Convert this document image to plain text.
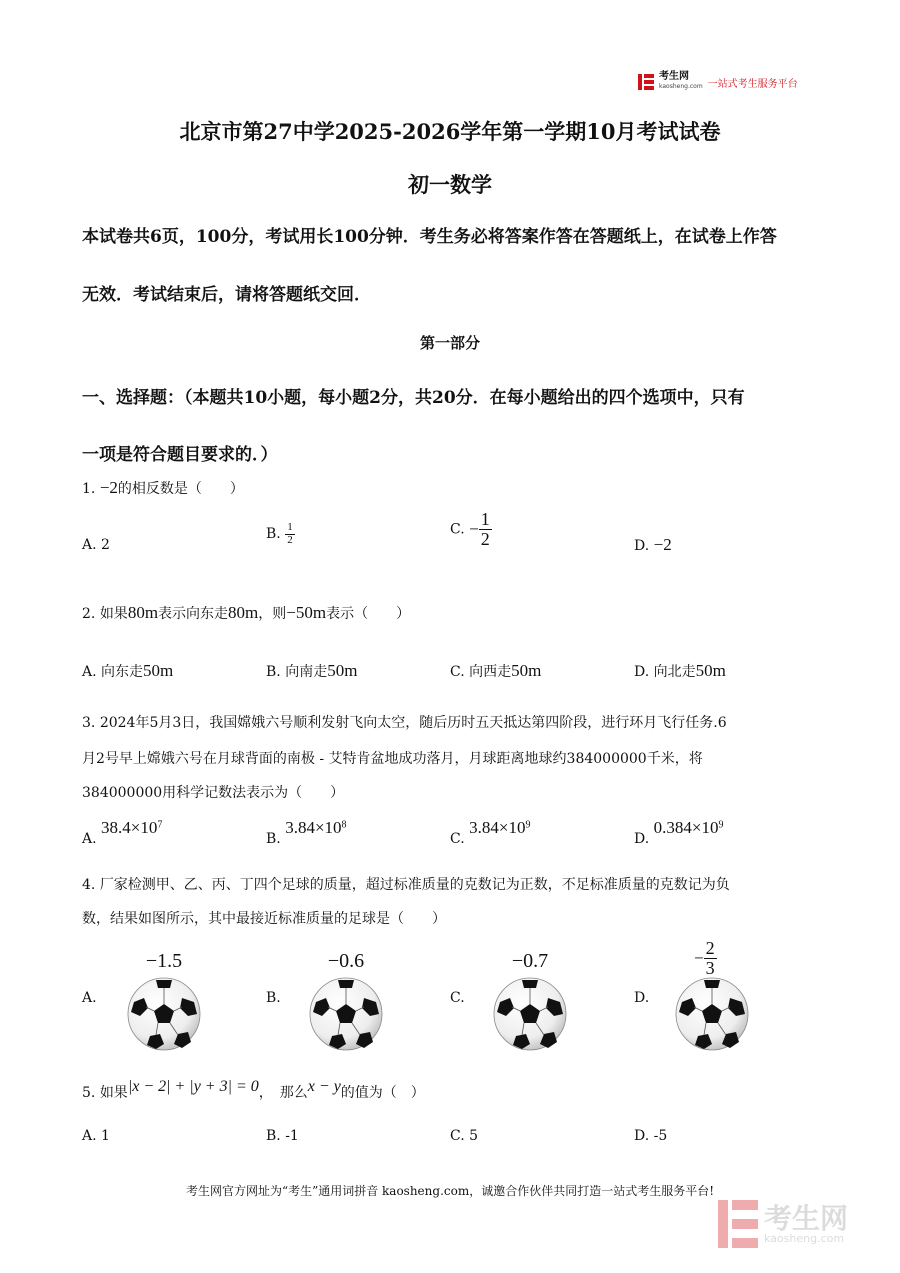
考生网
kaosheng.com 一站式考生服务平台
北京市第27中学2025-2026学年第一学期10月考试试卷
初一数学
本试卷共6页，100分，考试用长100分钟．考生务必将答案作答在答题纸上，在试卷上作答
无效．考试结束后，请将答题纸交回．
第一部分
一、选择题：（本题共10小题，每小题2分，共20分．在每小题给出的四个选项中，只有
一项是符合题目要求的．）
1. −2的相反数是（　　）
A. 2
B. $\frac{1}{2}$	C. − $\frac{1}{2}$	D. −2
2. 如果80m表示向东走80m，则−50m表示（　　）
A. 向东走50m	B. 向南走50m	C. 向西走50m	D. 向北走50m
3. 2024年5月3日，我国嫦娥六号顺利发射飞向太空，随后历时五天抵达第四阶段，进行环月飞行任务.6
月2号早上嫦娥六号在月球背面的南极 - 艾特肯盆地成功落月，月球距离地球约384000000千米，将
384000000用科学记数法表示为（　　）
A. $38.4\times 10^7$
B. $3.84\times 10^8$
C. $3.84\times 10^9$
D. $0.384\times 10^9$
4. 厂家检测甲、乙、丙、丁四个足球的质量，超过标准质量的克数记为正数，不足标准质量的克数记为负
数，结果如图所示，其中最接近标准质量的足球是（　　）
A.
−1.5
B.
−0.6
C.
−0.7
D.
− $\frac{2}{3}$
5. 如果|x − 2| + |y + 3| = 0，　那么x − y的值为（　）
A. 1	B. -1	C. 5	D. -5
考生网官方网址为“考生”通用词拼音 kaosheng.com，诚邀合作伙伴共同打造一站式考生服务平台!
考生网
kaosheng.com
